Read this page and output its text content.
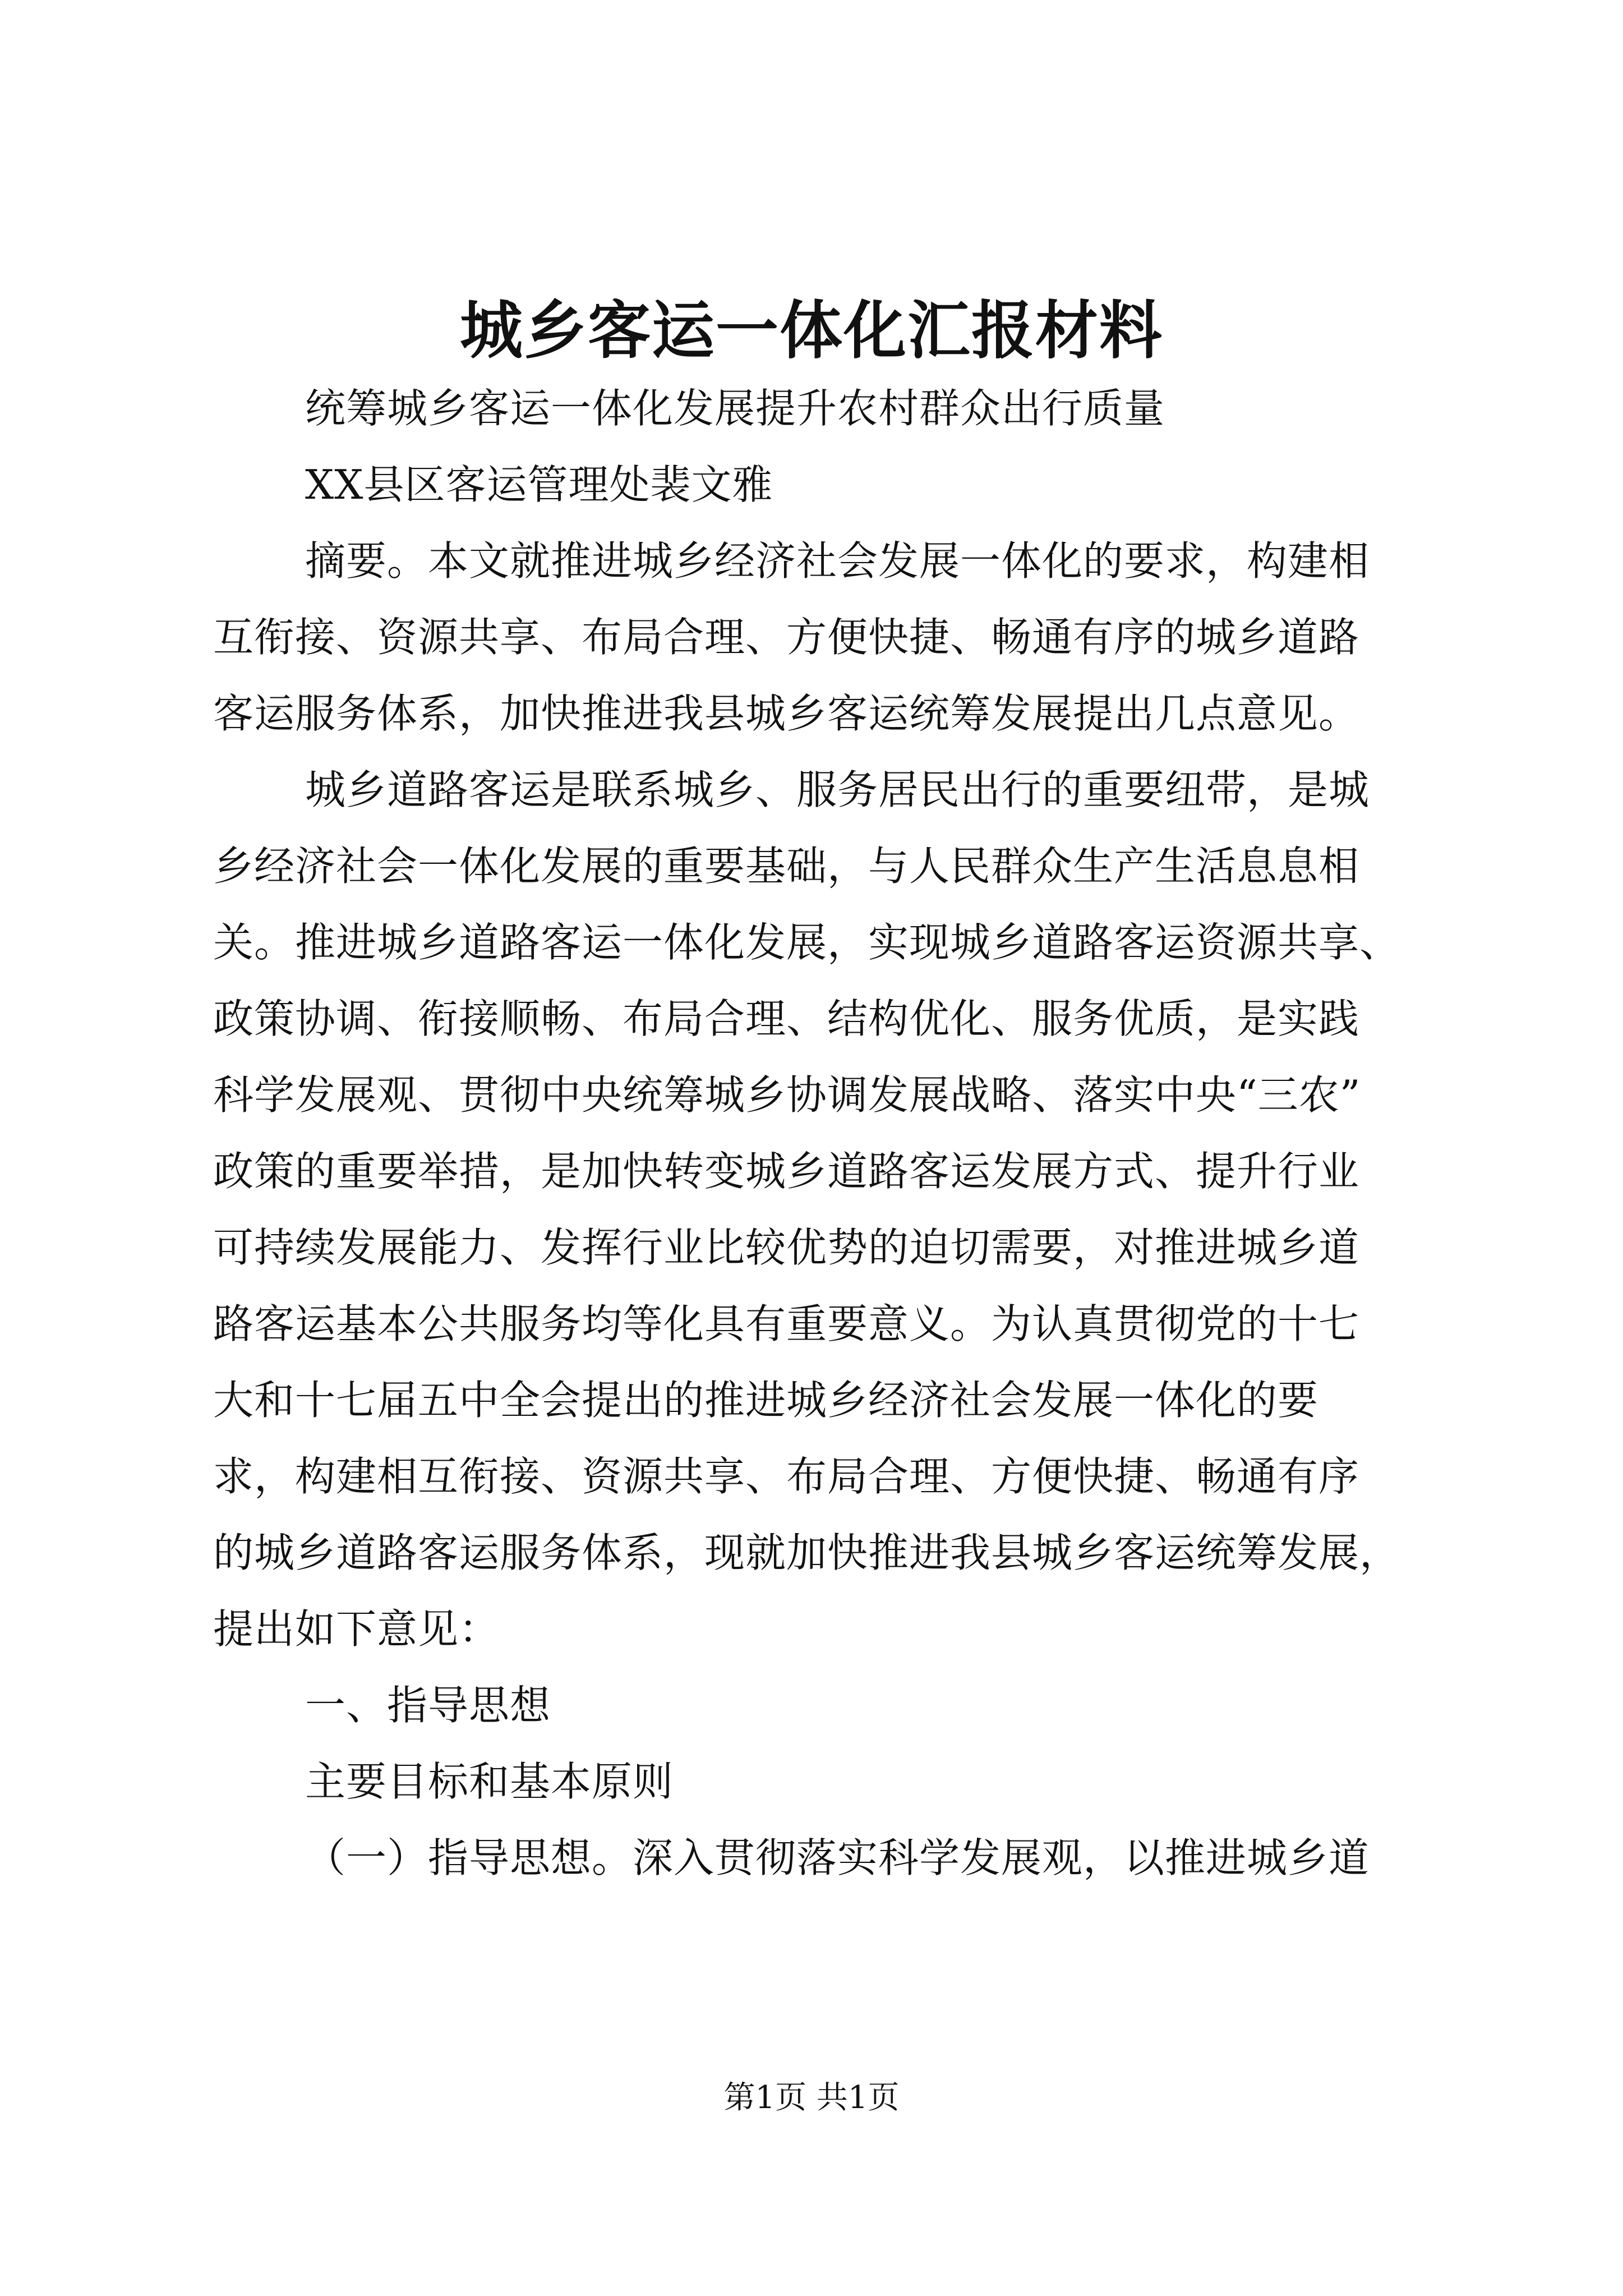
城乡客运一体化汇报材料
统筹城乡客运一体化发展提升农村群众出行质量
XX县区客运管理处裴文雅
摘要。本文就推进城乡经济社会发展一体化的要求，构建相
互衔接、资源共享、布局合理、方便快捷、畅通有序的城乡道路
客运服务体系，加快推进我县城乡客运统筹发展提出几点意见。
城乡道路客运是联系城乡、服务居民出行的重要纽带，是城
乡经济社会一体化发展的重要基础，与人民群众生产生活息息相
关。推进城乡道路客运一体化发展，实现城乡道路客运资源共享、
政策协调、衔接顺畅、布局合理、结构优化、服务优质，是实践
科学发展观、贯彻中央统筹城乡协调发展战略、落实中央“三农”
政策的重要举措，是加快转变城乡道路客运发展方式、提升行业
可持续发展能力、发挥行业比较优势的迫切需要，对推进城乡道
路客运基本公共服务均等化具有重要意义。为认真贯彻党的十七
大和十七届五中全会提出的推进城乡经济社会发展一体化的要
求，构建相互衔接、资源共享、布局合理、方便快捷、畅通有序
的城乡道路客运服务体系，现就加快推进我县城乡客运统筹发展，
提出如下意见：
一、指导思想
主要目标和基本原则
（一）指导思想。深入贯彻落实科学发展观，以推进城乡道
第1页 共1页
